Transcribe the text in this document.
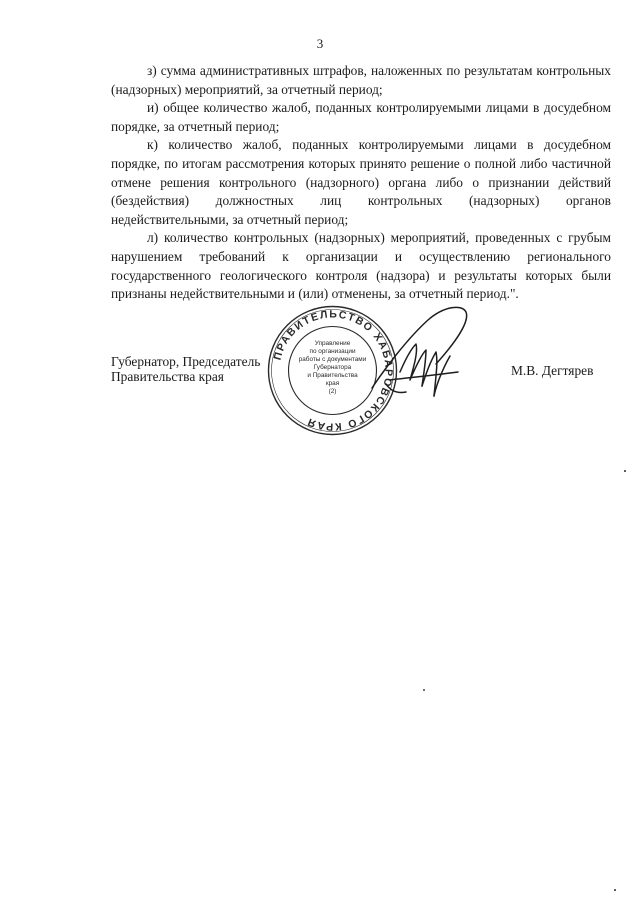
3

з) сумма административных штрафов, наложенных по результатам контрольных (надзорных) мероприятий, за отчетный период;

и) общее количество жалоб, поданных контролируемыми лицами в досудебном порядке, за отчетный период;

к) количество жалоб, поданных контролируемыми лицами в досудебном порядке, по итогам рассмотрения которых принято решение о полной либо частичной отмене решения контрольного (надзорного) органа либо о признании действий (бездействия) должностных лиц контрольных (надзорных) органов недействительными, за отчетный период;

л) количество контрольных (надзорных) мероприятий, проведенных с грубым нарушением требований к организации и осуществлению регионального государственного геологического контроля (надзора) и результаты которых были признаны недействительными и (или) отменены, за отчетный период.".

Губернатор, Председатель
Правительства края	М.В. Дегтярев
ПРАВИТЕЛЬСТВО ХАБАРОВСКОГО КРАЯ
Управление
по организации
работы с документами
Губернатора
и Правительства
края
(2)
